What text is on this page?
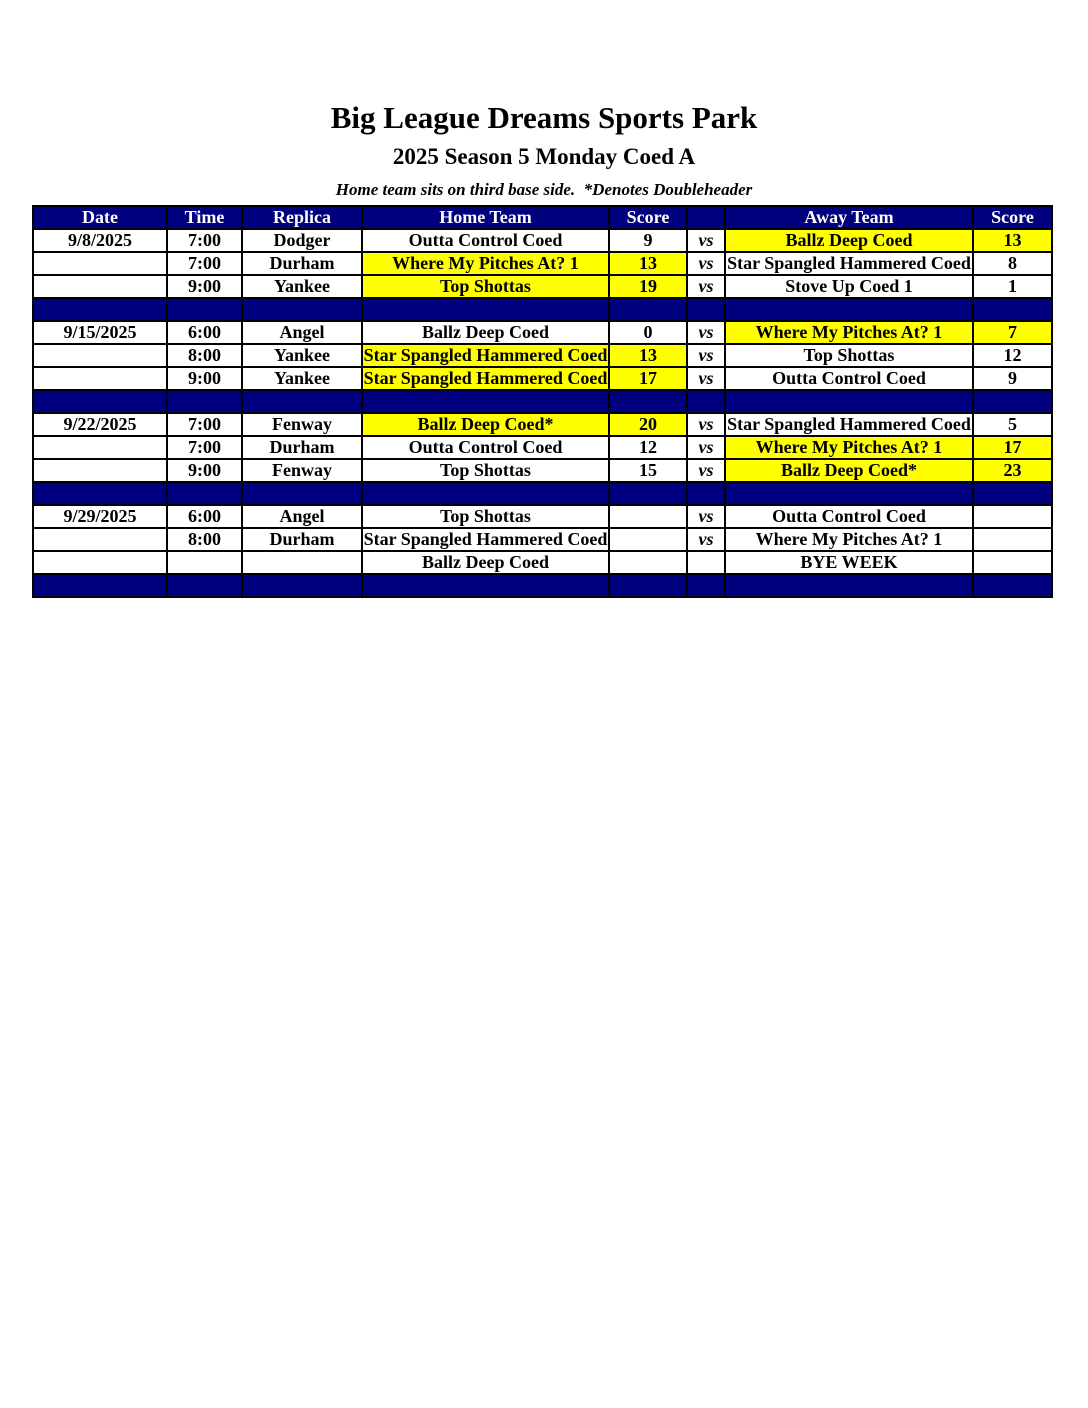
Big League Dreams Sports Park
2025 Season 5 Monday Coed A
Home team sits on third base side.  *Denotes Doubleheader
Date	Time	Replica	Home Team	Score		Away Team	Score

9/8/2025	7:00	Dodger	Outta Control Coed	9	vs	Ballz Deep Coed	13

	7:00	Durham	Where My Pitches At? 1	13	vs	Star Spangled Hammered Coed	8

	9:00	Yankee	Top Shottas	19	vs	Stove Up Coed 1	1

9/15/2025	6:00	Angel	Ballz Deep Coed	0	vs	Where My Pitches At? 1	7

	8:00	Yankee	Star Spangled Hammered Coed	13	vs	Top Shottas	12

	9:00	Yankee	Star Spangled Hammered Coed	17	vs	Outta Control Coed	9

9/22/2025	7:00	Fenway	Ballz Deep Coed*	20	vs	Star Spangled Hammered Coed	5

	7:00	Durham	Outta Control Coed	12	vs	Where My Pitches At? 1	17

	9:00	Fenway	Top Shottas	15	vs	Ballz Deep Coed*	23

9/29/2025	6:00	Angel	Top Shottas		vs	Outta Control Coed	

	8:00	Durham	Star Spangled Hammered Coed		vs	Where My Pitches At? 1	

			Ballz Deep Coed			BYE WEEK	
